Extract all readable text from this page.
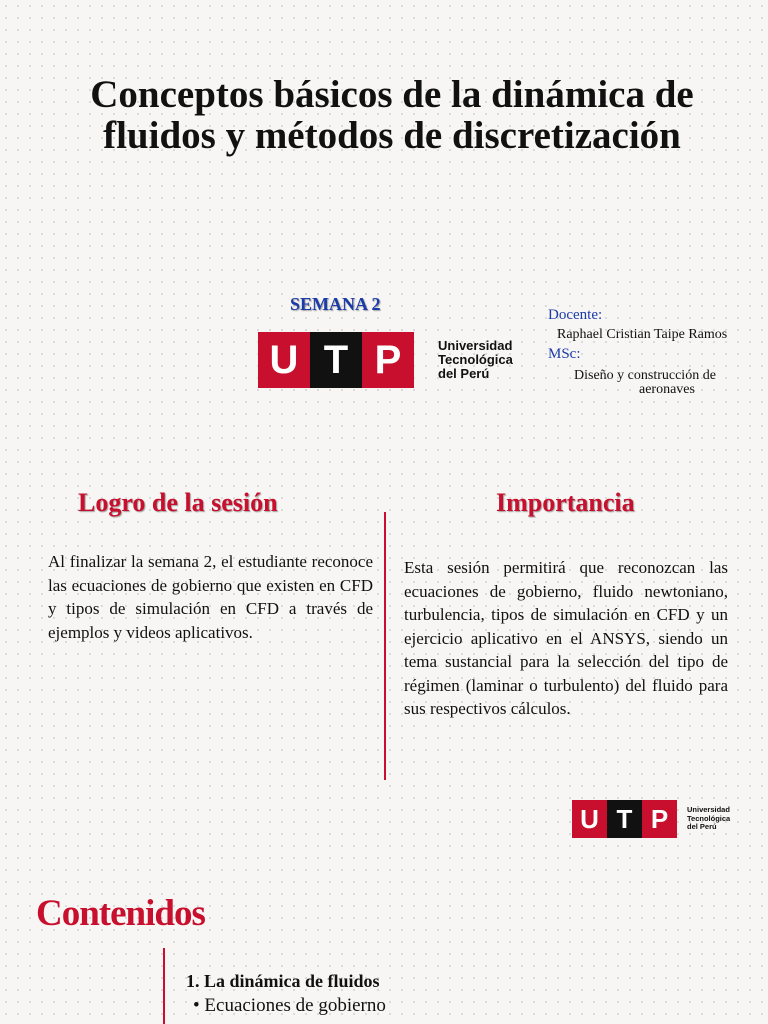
Conceptos básicos de la dinámica de fluidos y métodos de discretización
SEMANA 2
U T P	Universidad
Tecnológica
del Perú
Docente:
Raphael Cristian Taipe Ramos
MSc:
Diseño y construcción de
aeronaves
Logro de la sesión

Al finalizar la semana 2, el estudiante reconoce las ecuaciones de gobierno que existen en CFD y tipos de simulación en CFD a través de ejemplos y videos aplicativos.

Importancia

Esta sesión permitirá que reconozcan las ecuaciones de gobierno, fluido newtoniano, turbulencia, tipos de simulación en CFD y un ejercicio aplicativo en el ANSYS, siendo un tema sustancial para la selección del tipo de régimen (laminar o turbulento) del fluido para sus respectivos cálculos.

U T P	Universidad
Tecnológica
del Perú
Contenidos
1. La dinámica de fluidos
• Ecuaciones de gobierno
